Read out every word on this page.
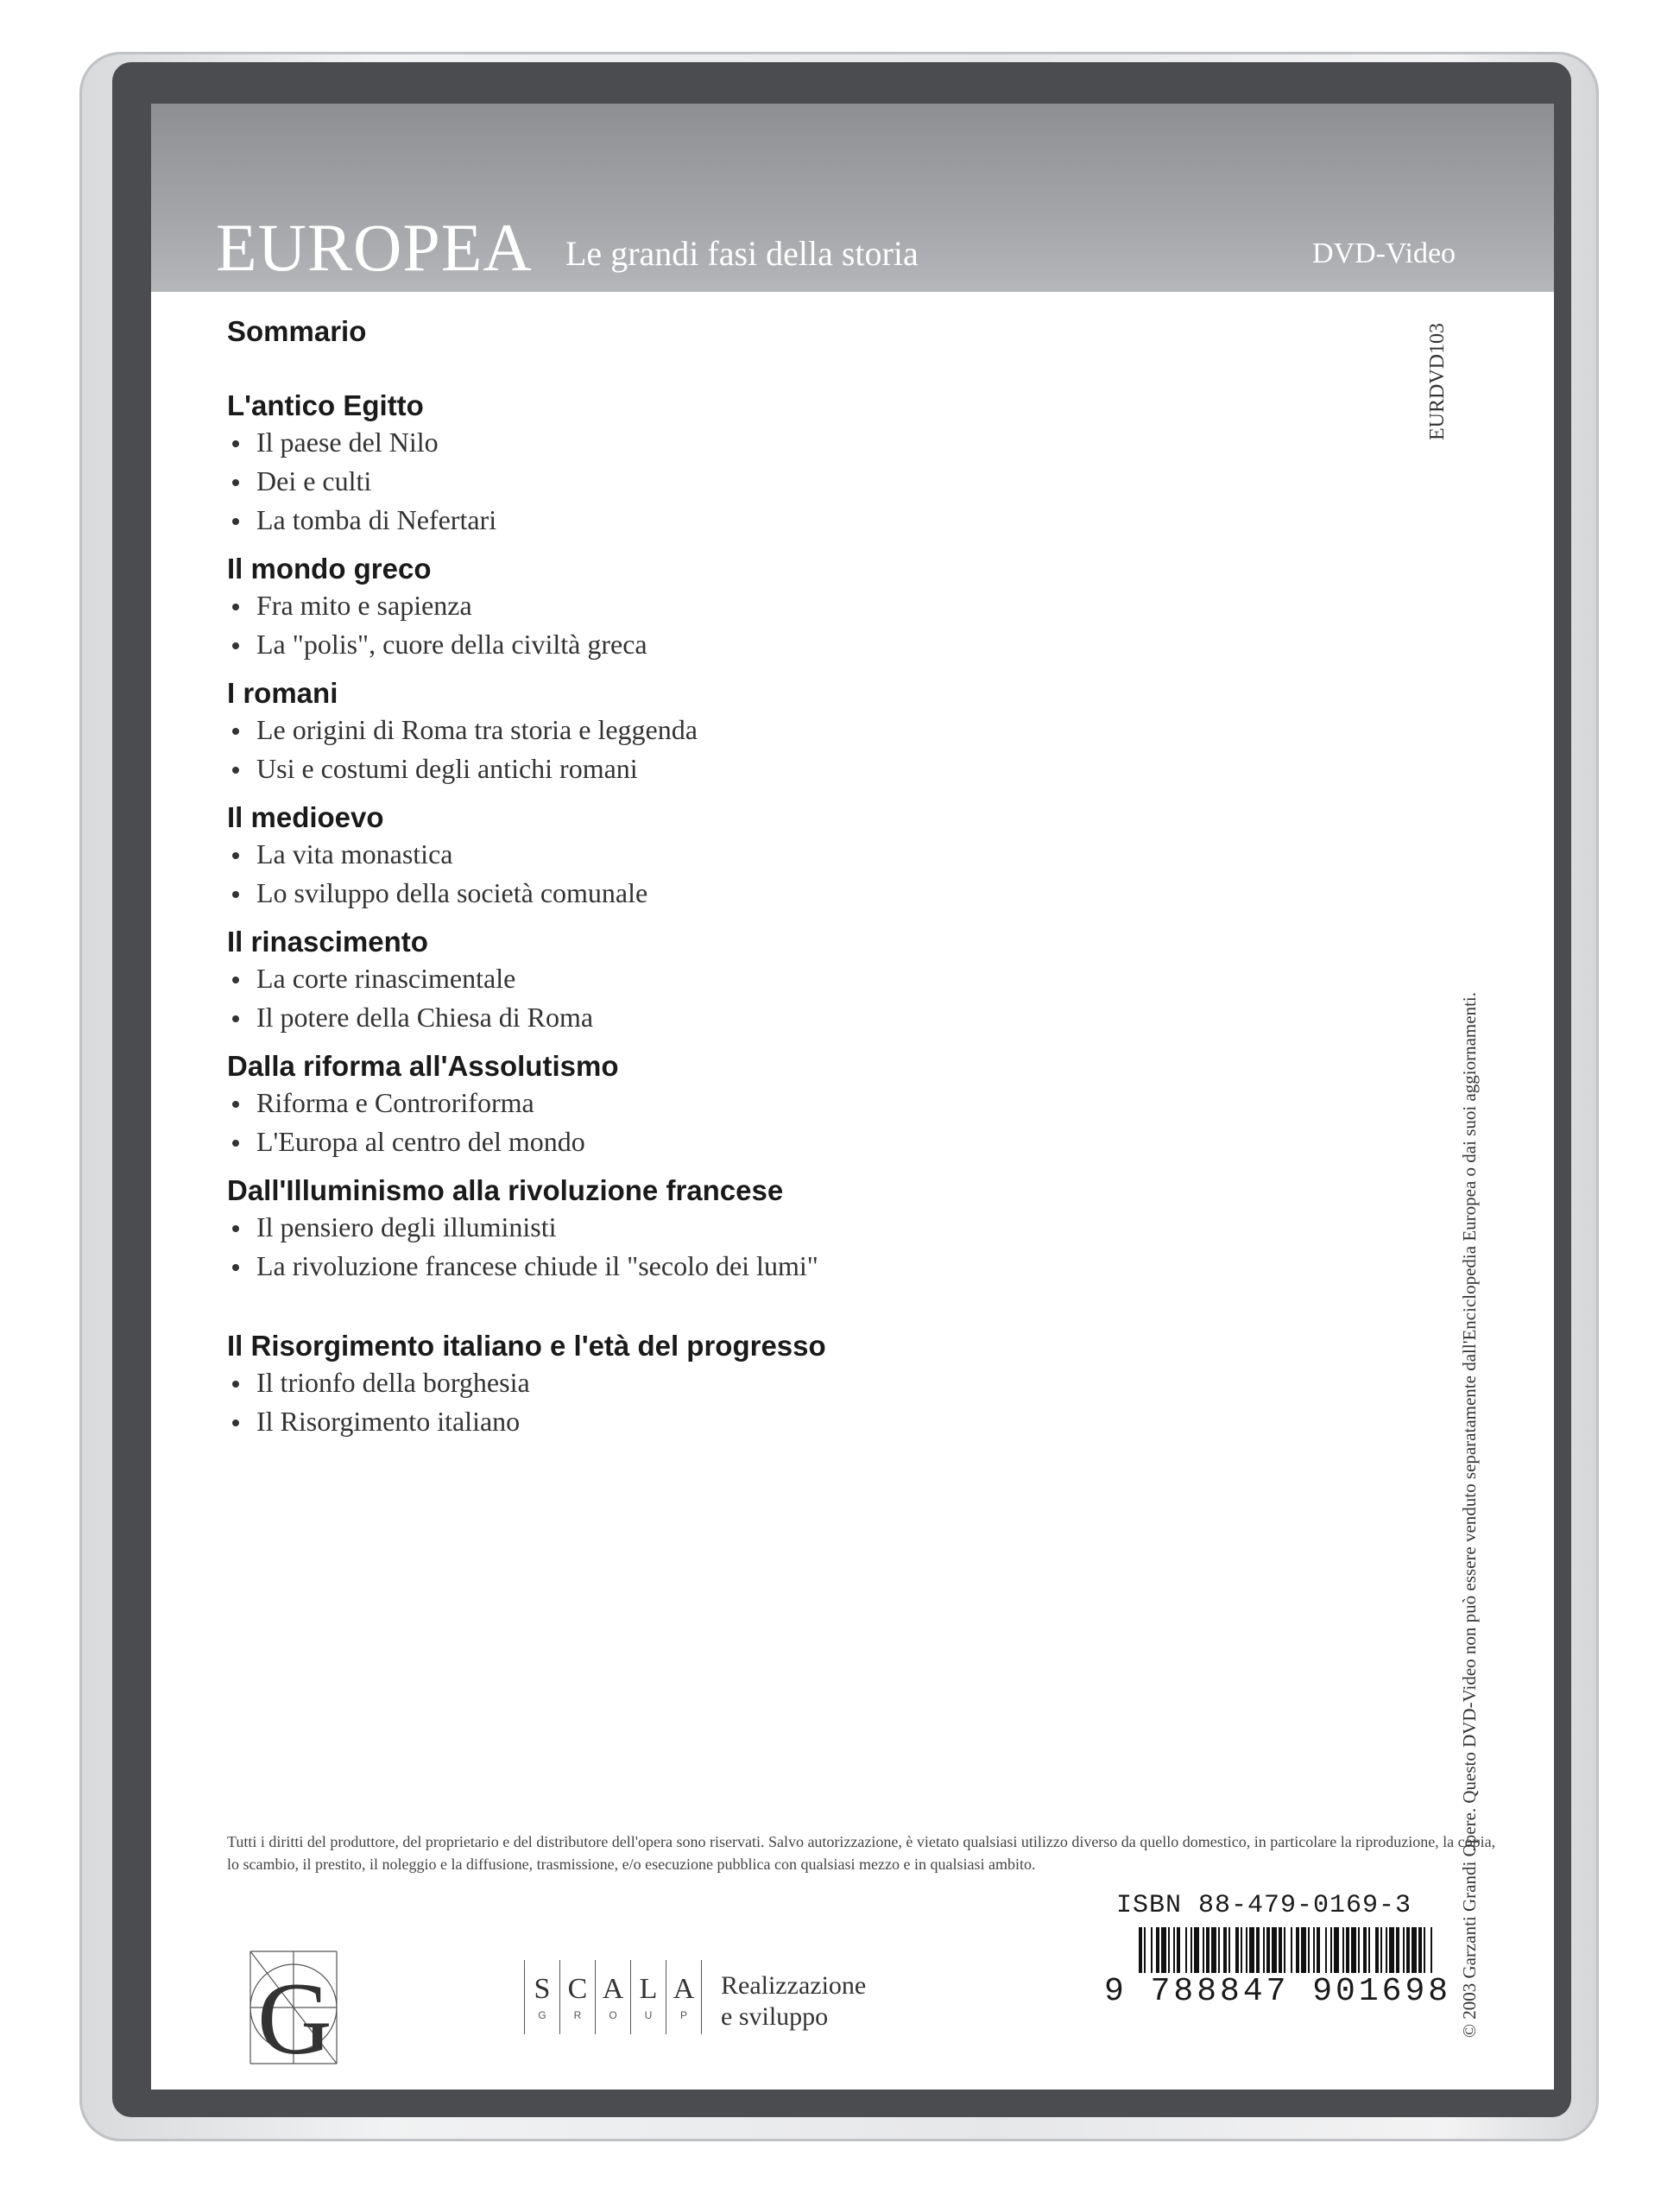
EUROPEA Le grandi fasi della storia	DVD-Video
Sommario
L'antico Egitto
Il paese del Nilo
Dei e culti
La tomba di Nefertari
Il mondo greco
Fra mito e sapienza
La "polis", cuore della civiltà greca
I romani
Le origini di Roma tra storia e leggenda
Usi e costumi degli antichi romani
Il medioevo
La vita monastica
Lo sviluppo della società comunale
Il rinascimento
La corte rinascimentale
Il potere della Chiesa di Roma
Dalla riforma all'Assolutismo
Riforma e Controriforma
L'Europa al centro del mondo
Dall'Illuminismo alla rivoluzione francese
Il pensiero degli illuministi
La rivoluzione francese chiude il "secolo dei lumi"
Il Risorgimento italiano e l'età del progresso
Il trionfo della borghesia
Il Risorgimento italiano
EURDVD103
© 2003 Garzanti Grandi Opere. Questo DVD-Video non può essere venduto separatamente dall'Enciclopedia Europea o dai suoi aggiornamenti.
Tutti i diritti del produttore, del proprietario e del distributore dell'opera sono riservati. Salvo autorizzazione, è vietato qualsiasi utilizzo diverso da quello domestico, in particolare la riproduzione, la copia, lo scambio, il prestito, il noleggio e la diffusione, trasmissione, e/o esecuzione pubblica con qualsiasi mezzo e in qualsiasi ambito.
ISBN 88-479-0169-3
9 788847 901698
G	S
G
C
R
A
O
L
U
A
P
Realizzazione
e sviluppo
